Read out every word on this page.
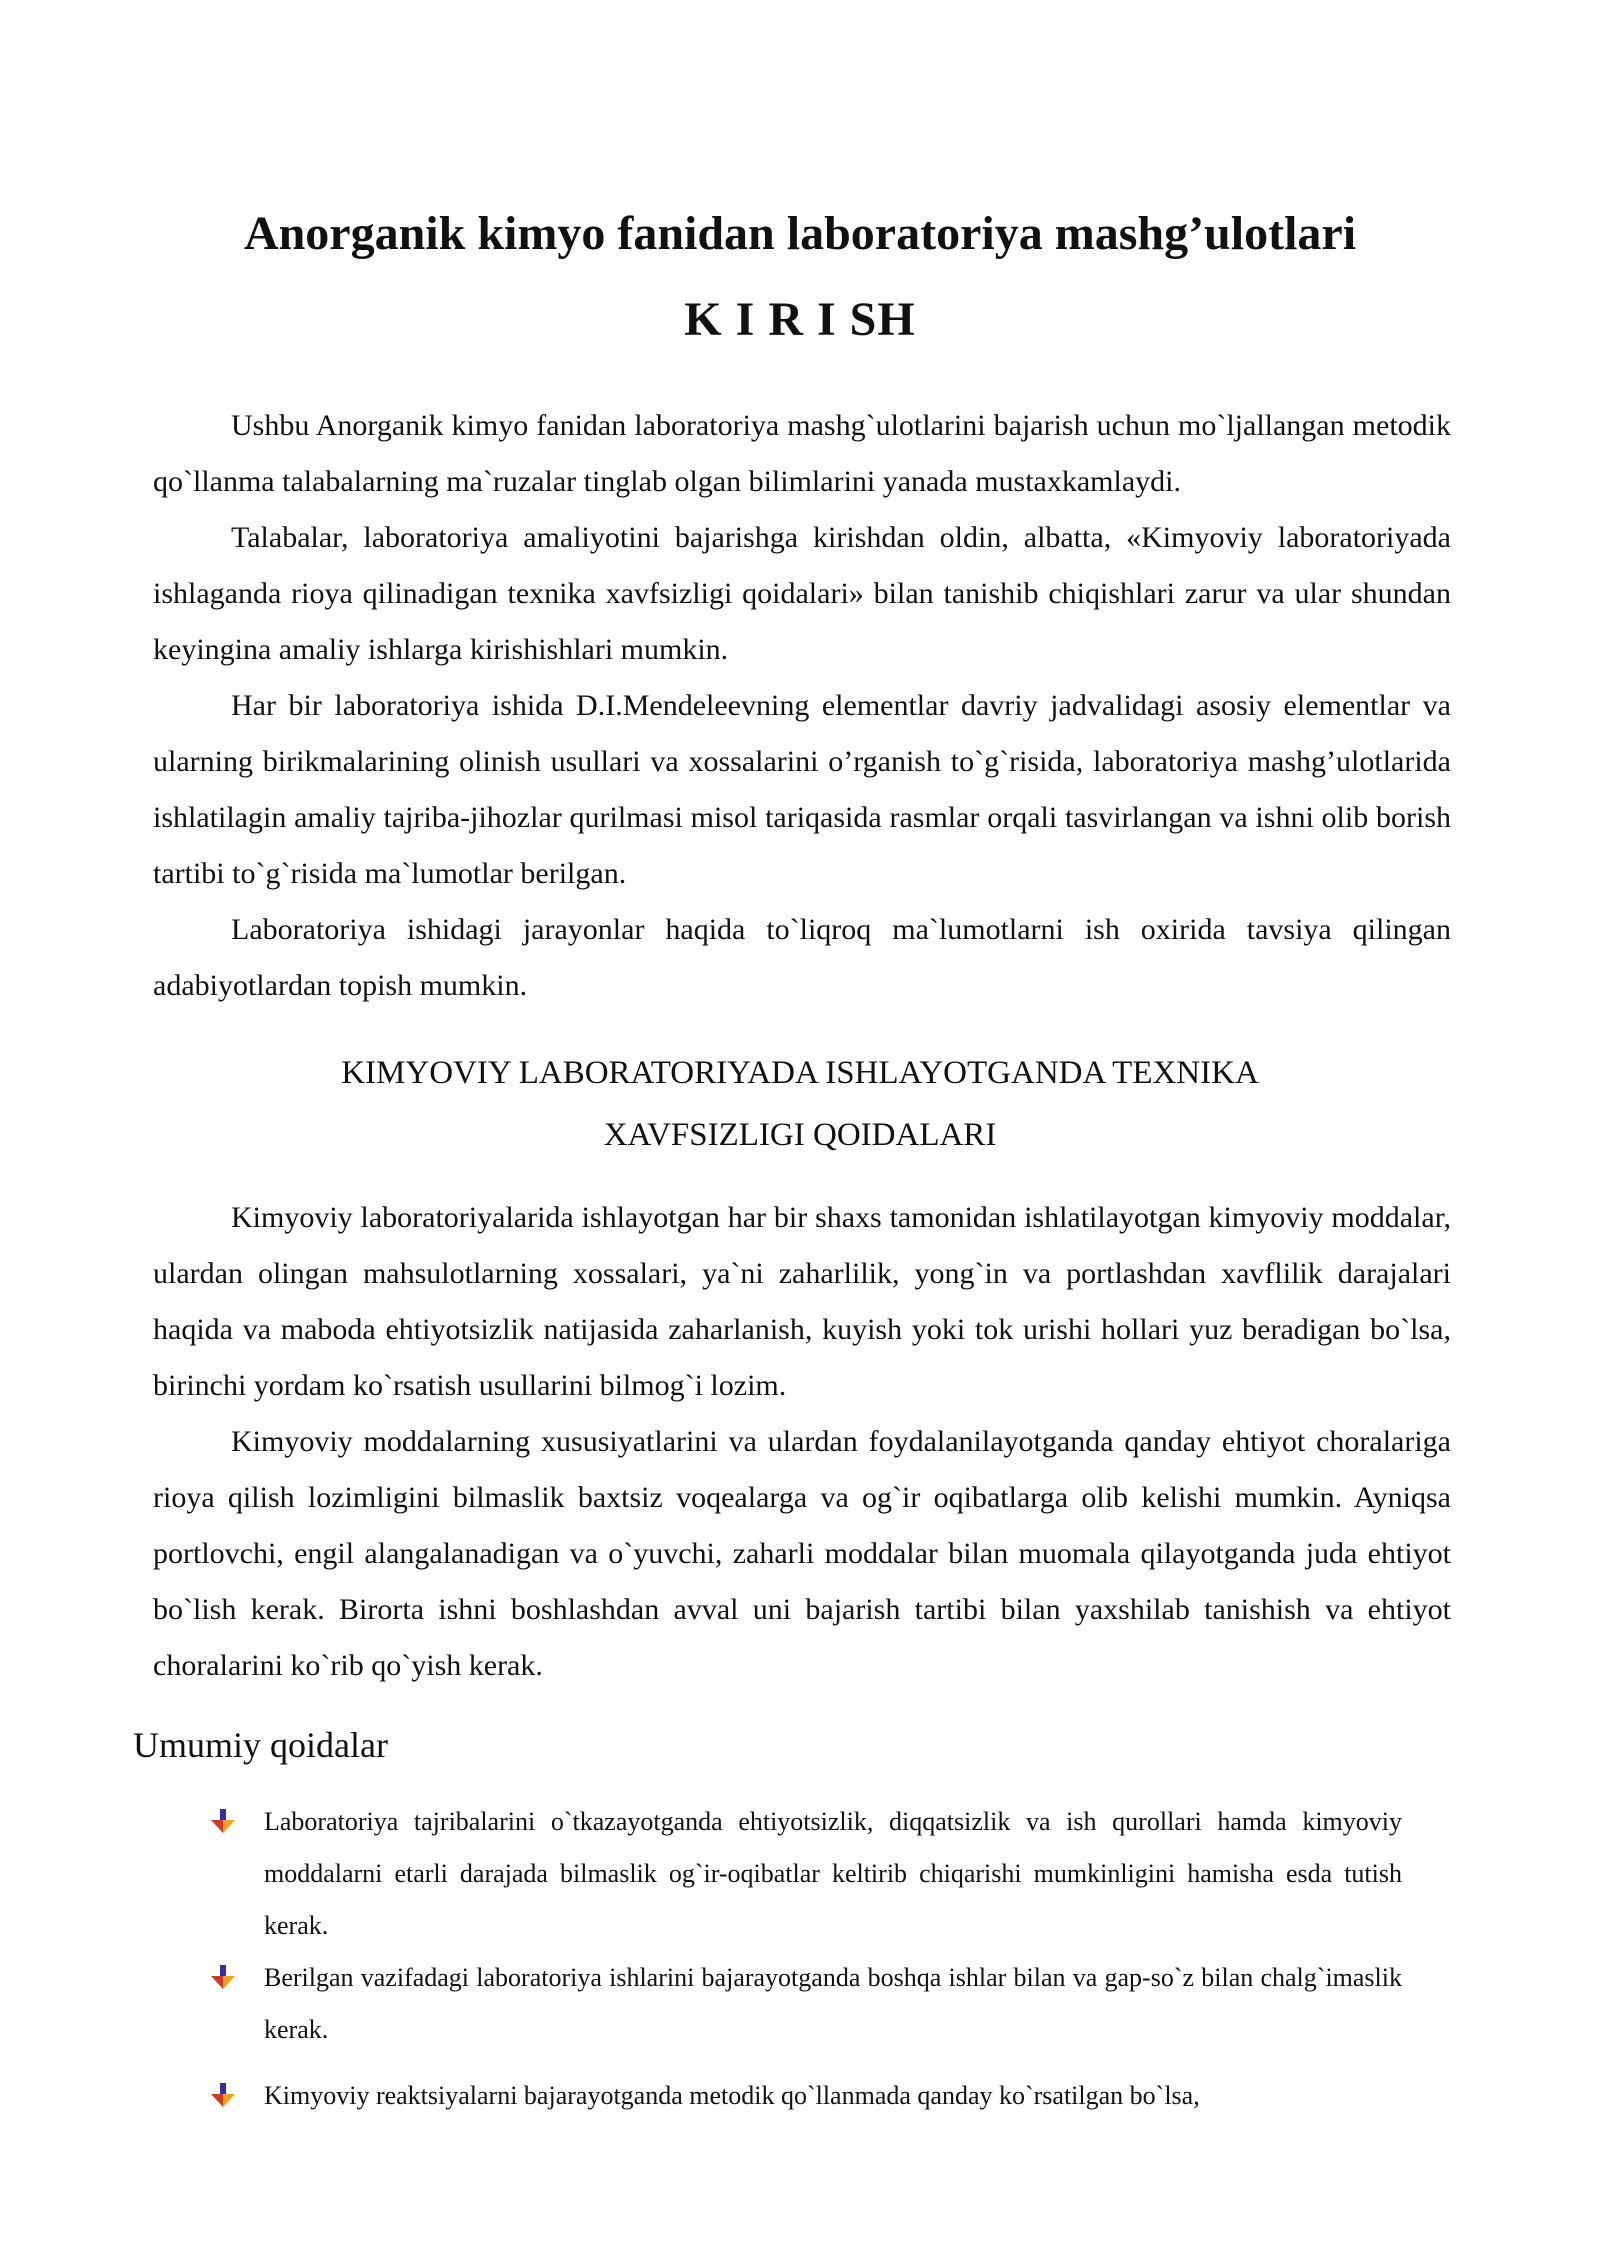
Anorganik kimyo fanidan laboratoriya mashg’ulotlari
K I R I SH

Ushbu Anorganik kimyo fanidan laboratoriya mashg`ulotlarini bajarish uchun mo`ljallangan metodik qo`llanma talabalarning ma`ruzalar tinglab olgan bilimlarini yanada mustaxkamlaydi.

Talabalar, laboratoriya amaliyotini bajarishga kirishdan oldin, albatta, «Kimyoviy laboratoriyada ishlaganda rioya qilinadigan texnika xavfsizligi qoidalari» bilan tanishib chiqishlari zarur va ular shundan keyingina amaliy ishlarga kirishishlari mumkin.

Har bir laboratoriya ishida D.I.Mendeleevning elementlar davriy jadvalidagi asosiy elementlar va ularning birikmalarining olinish usullari va xossalarini o’rganish to`g`risida, laboratoriya mashg’ulotlarida ishlatilagin amaliy tajriba-jihozlar qurilmasi misol tariqasida rasmlar orqali tasvirlangan va ishni olib borish tartibi to`g`risida ma`lumotlar berilgan.

Laboratoriya ishidagi jarayonlar haqida to`liqroq ma`lumotlarni ish oxirida tavsiya qilingan adabiyotlardan topish mumkin.

KIMYOVIY LABORATORIYADA ISHLAYOTGANDA TEXNIKA
XAVFSIZLIGI QOIDALARI

Kimyoviy laboratoriyalarida ishlayotgan har bir shaxs tamonidan ishlatilayotgan kimyoviy moddalar, ulardan olingan mahsulotlarning xossalari, ya`ni zaharlilik, yong`in va portlashdan xavflilik darajalari haqida va maboda ehtiyotsizlik natijasida zaharlanish, kuyish yoki tok urishi hollari yuz beradigan bo`lsa, birinchi yordam ko`rsatish usullarini bilmog`i lozim.

Kimyoviy moddalarning xususiyatlarini va ulardan foydalanilayotganda qanday ehtiyot choralariga rioya qilish lozimligini bilmaslik baxtsiz voqealarga va og`ir oqibatlarga olib kelishi mumkin. Ayniqsa portlovchi, engil alangalanadigan va o`yuvchi, zaharli moddalar bilan muomala qilayotganda juda ehtiyot bo`lish kerak. Birorta ishni boshlashdan avval uni bajarish tartibi bilan yaxshilab tanishish va ehtiyot choralarini ko`rib qo`yish kerak.

Umumiy qoidalar
Laboratoriya tajribalarini o`tkazayotganda ehtiyotsizlik, diqqatsizlik va ish qurollari hamda kimyoviy moddalarni etarli darajada bilmaslik og`ir-oqibatlar keltirib chiqarishi mumkinligini hamisha esda tutish kerak.
Berilgan vazifadagi laboratoriya ishlarini bajarayotganda boshqa ishlar bilan va gap-so`z bilan chalg`imaslik kerak.
Kimyoviy reaktsiyalarni bajarayotganda metodik qo`llanmada qanday ko`rsatilgan bo`lsa,
